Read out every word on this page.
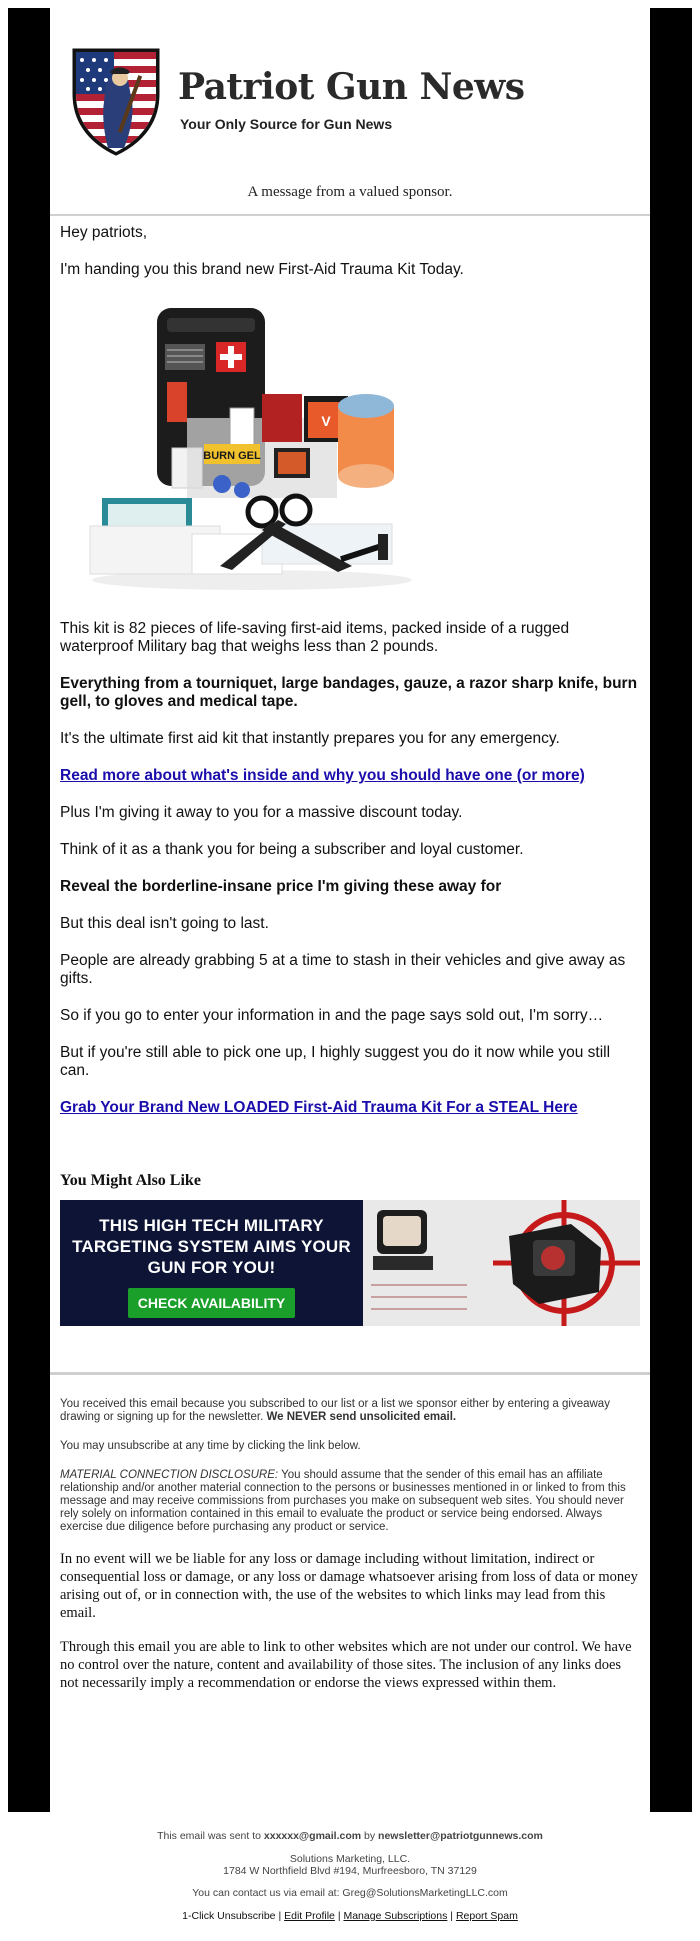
Patriot Gun News
Your Only Source for Gun News
A message from a valued sponsor.

Hey patriots,

I'm handing you this brand new First-Aid Trauma Kit Today.

V
BURN GEL

This kit is 82 pieces of life-saving first-aid items, packed inside of a rugged waterproof Military bag that weighs less than 2 pounds.

Everything from a tourniquet, large bandages, gauze, a razor sharp knife, burn gell, to gloves and medical tape.

It's the ultimate first aid kit that instantly prepares you for any emergency.

Read more about what's inside and why you should have one (or more)

Plus I'm giving it away to you for a massive discount today.

Think of it as a thank you for being a subscriber and loyal customer.

Reveal the borderline-insane price I'm giving these away for

But this deal isn't going to last.

People are already grabbing 5 at a time to stash in their vehicles and give away as gifts.

So if you go to enter your information in and the page says sold out, I'm sorry…

But if you're still able to pick one up, I highly suggest you do it now while you still can.

Grab Your Brand New LOADED First-Aid Trauma Kit For a STEAL Here

You Might Also Like
THIS HIGH TECH MILITARY TARGETING SYSTEM AIMS YOUR GUN FOR YOU!
CHECK AVAILABILITY

You received this email because you subscribed to our list or a list we sponsor either by entering a giveaway drawing or signing up for the newsletter. We NEVER send unsolicited email.

You may unsubscribe at any time by clicking the link below.

MATERIAL CONNECTION DISCLOSURE: You should assume that the sender of this email has an affiliate relationship and/or another material connection to the persons or businesses mentioned in or linked to from this message and may receive commissions from purchases you make on subsequent web sites. You should never rely solely on information contained in this email to evaluate the product or service being endorsed. Always exercise due diligence before purchasing any product or service.

In no event will we be liable for any loss or damage including without limitation, indirect or consequential loss or damage, or any loss or damage whatsoever arising from loss of data or money arising out of, or in connection with, the use of the websites to which links may lead from this email.

Through this email you are able to link to other websites which are not under our control. We have no control over the nature, content and availability of those sites. The inclusion of any links does not necessarily imply a recommendation or endorse the views expressed within them.

This email was sent to xxxxxx@gmail.com by newsletter@patriotgunnews.com
Solutions Marketing, LLC.
1784 W Northfield Blvd #194, Murfreesboro, TN 37129
You can contact us via email at: Greg@SolutionsMarketingLLC.com
1-Click Unsubscribe | Edit Profile | Manage Subscriptions | Report Spam
